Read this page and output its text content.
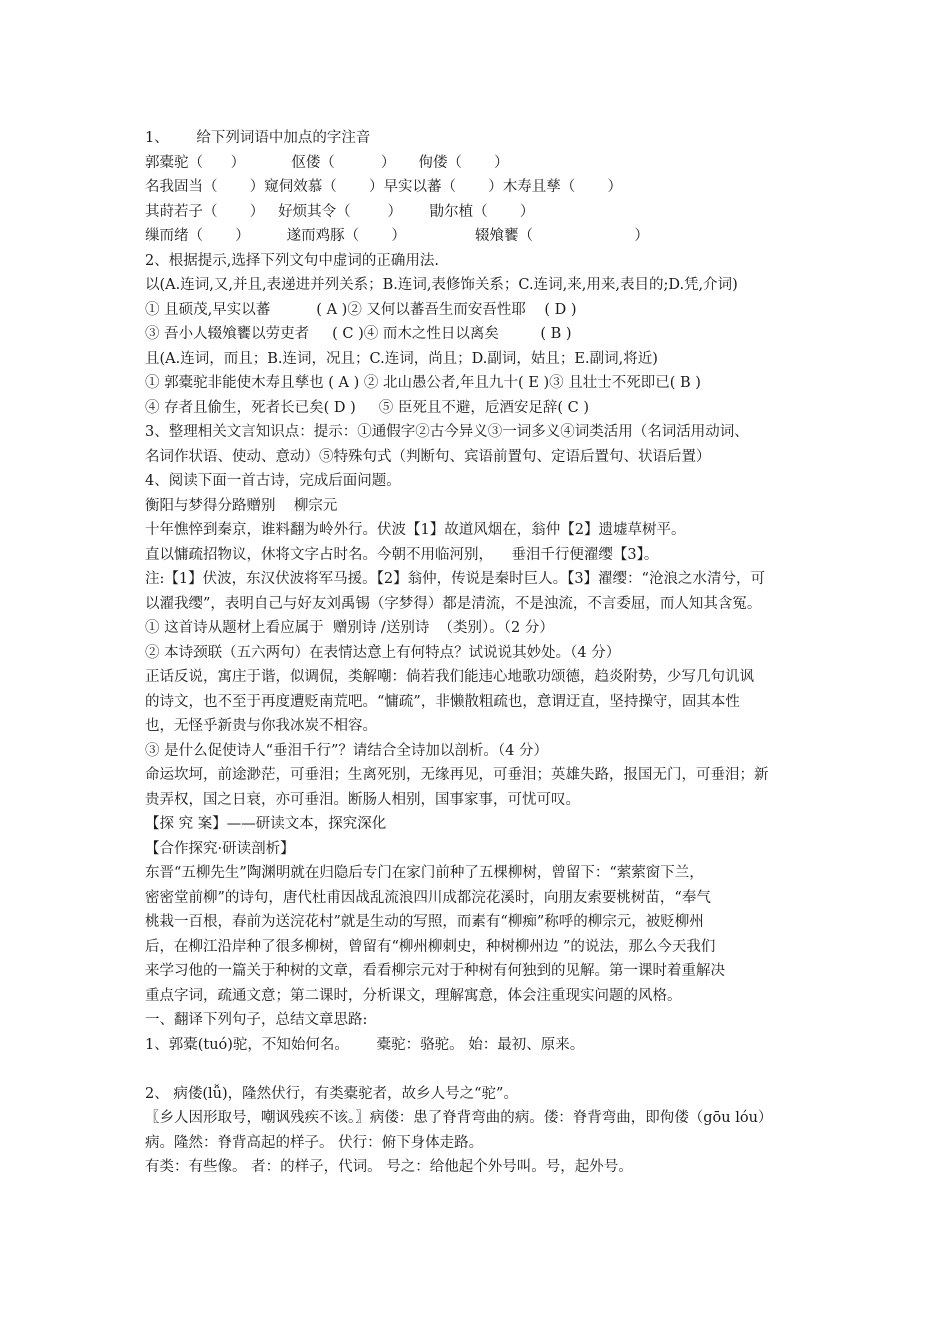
1、      给下列词语中加点的字注音
郭橐驼（      ）          伛偻（          ）     佝偻（       ）
名我固当（       ）窥伺效慕（       ）早实以蕃（       ）木寿且孳（       ）
其莳若子（       ）   好烦其令（        ）      勖尔植（       ）
缫而绪（       ）        遂而鸡豚（       ）               辍飧饔（                      ）
2、根据提示,选择下列文句中虚词的正确用法.
以(A.连词,又,并且,表递进并列关系；B.连词,表修饰关系；C.连词,来,用来,表目的;D.凭,介词)
① 且硕茂,早实以蕃          ( A )② 又何以蕃吾生而安吾性耶    ( D )
③ 吾小人辍飧饔以劳吏者     ( C )④ 而木之性日以离矣         ( B )
且(A.连词，而且；B.连词，况且；C.连词，尚且；D.副词，姑且；E.副词,将近)
① 郭橐驼非能使木寿且孳也 ( A ) ② 北山愚公者,年且九十( E )③ 且壮士不死即已( B )
④ 存者且偷生，死者长已矣( D )     ⑤ 臣死且不避，卮酒安足辞( C )
3、整理相关文言知识点：提示：①通假字②古今异义③一词多义④词类活用（名词活用动词、
名词作状语、使动、意动）⑤特殊句式（判断句、宾语前置句、定语后置句、状语后置）
4、阅读下面一首古诗，完成后面问题。
衡阳与梦得分路赠别    柳宗元
十年憔悴到秦京，谁料翻为岭外行。伏波【1】故道风烟在，翁仲【2】遗墟草树平。
直以慵疏招物议，休将文字占时名。今朝不用临河别，    垂泪千行便濯缨【3】。
注:【1】伏波，东汉伏波将军马援。【2】翁仲，传说是秦时巨人。【3】濯缨：“沧浪之水清兮，可
以濯我缨”，表明自己与好友刘禹锡（字梦得）都是清流，不是浊流，不言委屈，而人知其含冤。
① 这首诗从题材上看应属于  赠别诗 /送别诗  （类别）。（2 分）
② 本诗颈联（五六两句）在表情达意上有何特点？试说说其妙处。（4 分）
正话反说，寓庄于谐，似调侃，类解嘲：倘若我们能违心地歌功颂德，趋炎附势，少写几句讥讽
的诗文，也不至于再度遭贬南荒吧。“慵疏”，非懒散粗疏也，意谓迂直，坚持操守，固其本性
也，无怪乎新贵与你我冰炭不相容。
③ 是什么促使诗人“垂泪千行”？请结合全诗加以剖析。（4 分）
命运坎坷，前途渺茫，可垂泪；生离死别，无缘再见，可垂泪；英雄失路，报国无门，可垂泪；新
贵弄权，国之日衰，亦可垂泪。断肠人相别，国事家事，可忧可叹。
【探 究 案】——研读文本，探究深化
【合作探究·研读剖析】
东晋“五柳先生”陶渊明就在归隐后专门在家门前种了五棵柳树，曾留下：“萦萦窗下兰，
密密堂前柳”的诗句，唐代杜甫因战乱流浪四川成都浣花溪时，向朋友索要桃树苗，“奉气
桃栽一百根，春前为送浣花村”就是生动的写照，而素有“柳痴”称呼的柳宗元，被贬柳州
后，在柳江沿岸种了很多柳树，曾留有“柳州柳刺史，种树柳州边 ”的说法，那么今天我们
来学习他的一篇关于种树的文章，看看柳宗元对于种树有何独到的见解。第一课时着重解决
重点字词，疏通文意；第二课时，分析课文，理解寓意，体会注重现实问题的风格。
一、翻译下列句子，总结文章思路:
1、郭橐(tuó)驼，不知始何名。      橐驼：骆驼。 始：最初、原来。
2、 病偻(lǚ)，隆然伏行，有类橐驼者，故乡人号之“驼”。
〖乡人因形取号，嘲讽残疾不该。〗病偻：患了脊背弯曲的病。偻：脊背弯曲，即佝偻（gōu lóu）
病。隆然：脊背高起的样子。 伏行：俯下身体走路。
有类：有些像。 者：的样子，代词。 号之：给他起个外号叫。号，起外号。
